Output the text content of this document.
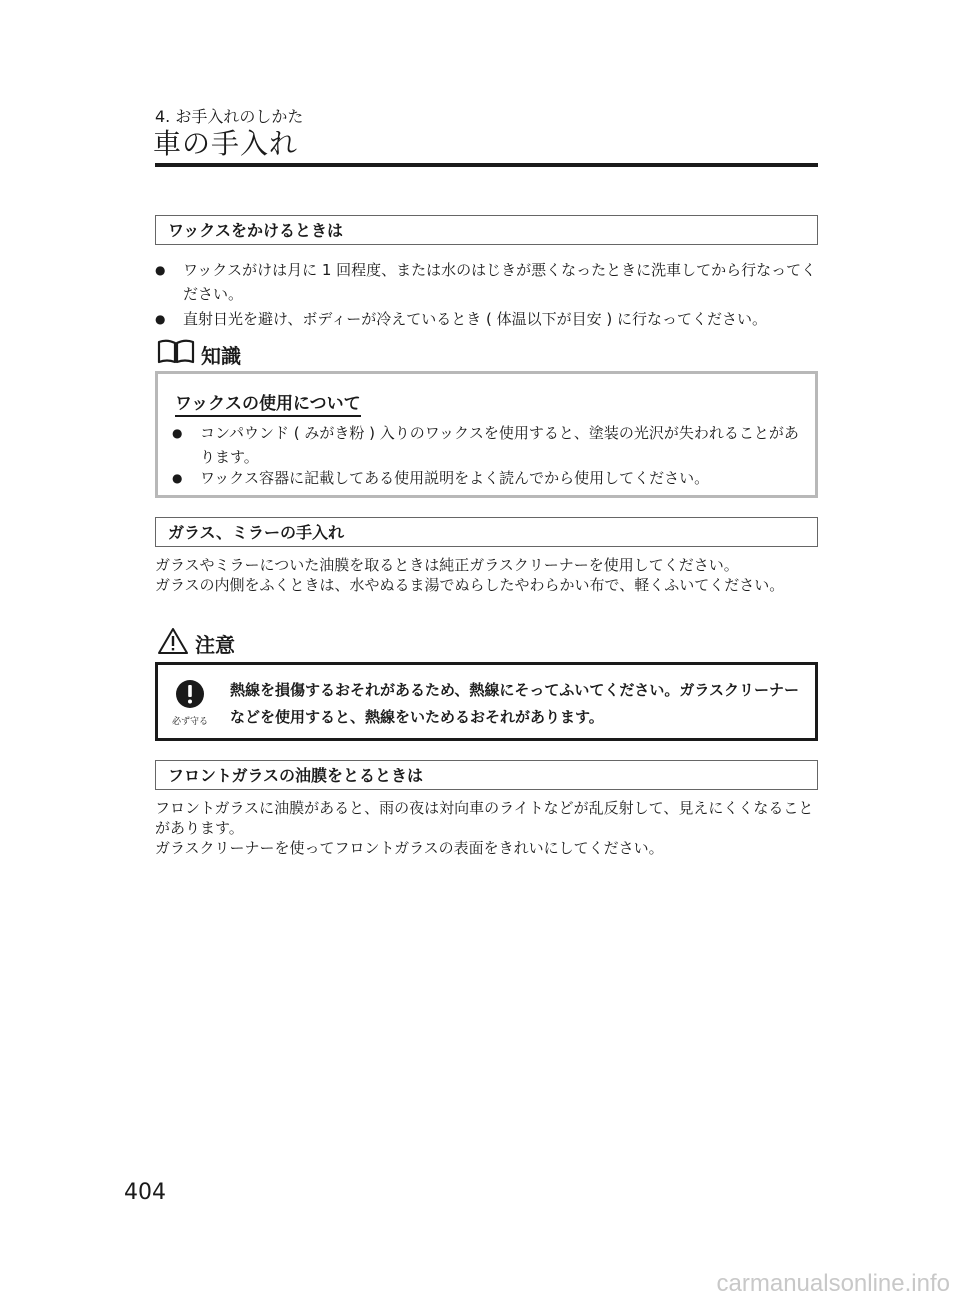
4. お手入れのしかた
車の手入れ
ワックスをかけるときは
●	ワックスがけは月に 1 回程度、または水のはじきが悪くなったときに洗車してから行なってください。
●	直射日光を避け、ボディーが冷えているとき ( 体温以下が目安 ) に行なってください。
知識
ワックスの使用について
●	コンパウンド ( みがき粉 ) 入りのワックスを使用すると、塗装の光沢が失われることがあります。
●	ワックス容器に記載してある使用説明をよく読んでから使用してください。
ガラス、ミラーの手入れ
ガラスやミラーについた油膜を取るときは純正ガラスクリーナーを使用してください。
ガラスの内側をふくときは、水やぬるま湯でぬらしたやわらかい布で、軽くふいてください。
注意
必ず守る
熱線を損傷するおそれがあるため、熱線にそってふいてください。ガラスクリーナーなどを使用すると、熱線をいためるおそれがあります。
フロントガラスの油膜をとるときは
フロントガラスに油膜があると、雨の夜は対向車のライトなどが乱反射して、見えにくくなることがあります。
ガラスクリーナーを使ってフロントガラスの表面をきれいにしてください。
404
carmanualsonline.info
